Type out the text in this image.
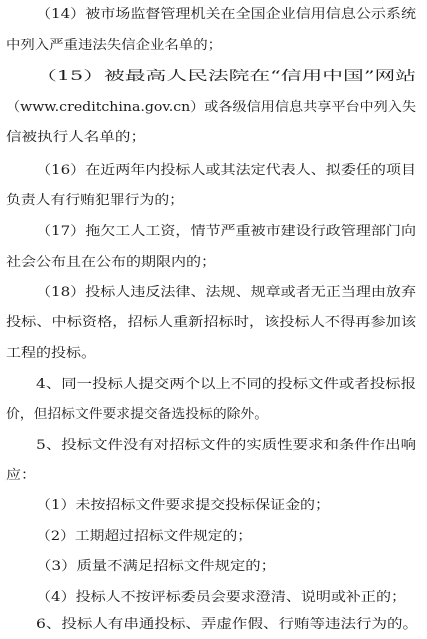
（14）被市场监督管理机关在全国企业信用信息公示系统
中列入严重违法失信企业名单的；
（15）被最高人民法院在“信用中国”网站
（www.creditchina.gov.cn）或各级信用信息共享平台中列入失
信被执行人名单的；
（16）在近两年内投标人或其法定代表人、拟委任的项目
负责人有行贿犯罪行为的；
（17）拖欠工人工资，情节严重被市建设行政管理部门向
社会公布且在公布的期限内的；
（18）投标人违反法律、法规、规章或者无正当理由放弃
投标、中标资格，招标人重新招标时，该投标人不得再参加该
工程的投标。
4、同一投标人提交两个以上不同的投标文件或者投标报
价，但招标文件要求提交备选投标的除外。
5、投标文件没有对招标文件的实质性要求和条件作出响
应：
（1）未按招标文件要求提交投标保证金的；
（2）工期超过招标文件规定的；
（3）质量不满足招标文件规定的；
（4）投标人不按评标委员会要求澄清、说明或补正的；
6、投标人有串通投标、弄虚作假、行贿等违法行为的。
